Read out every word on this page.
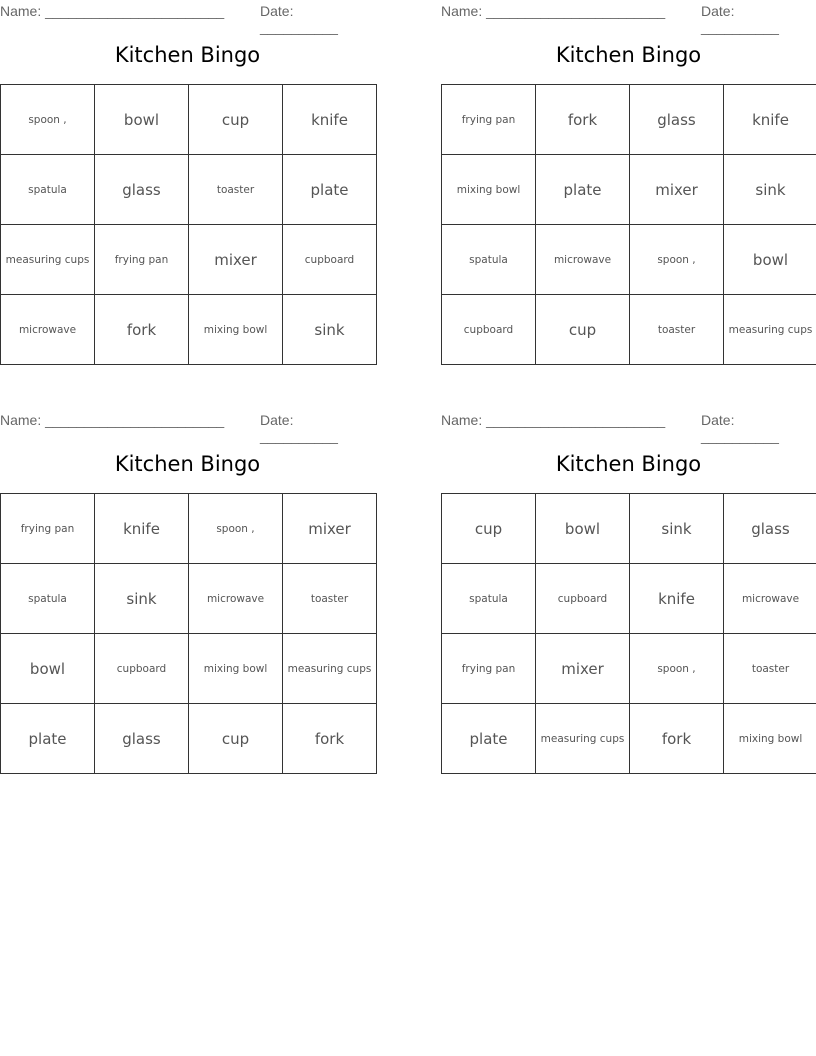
Name: _______________________	Date: __________
Kitchen Bingo
spoon ,	bowl	cup	knife
spatula	glass	toaster	plate
measuring cups	frying pan	mixer	cupboard
microwave	fork	mixing bowl	sink
Name: _______________________	Date: __________
Kitchen Bingo
frying pan	fork	glass	knife
mixing bowl	plate	mixer	sink
spatula	microwave	spoon ,	bowl
cupboard	cup	toaster	measuring cups
Name: _______________________	Date: __________
Kitchen Bingo
frying pan	knife	spoon ,	mixer
spatula	sink	microwave	toaster
bowl	cupboard	mixing bowl	measuring cups
plate	glass	cup	fork
Name: _______________________	Date: __________
Kitchen Bingo
cup	bowl	sink	glass
spatula	cupboard	knife	microwave
frying pan	mixer	spoon ,	toaster
plate	measuring cups	fork	mixing bowl
